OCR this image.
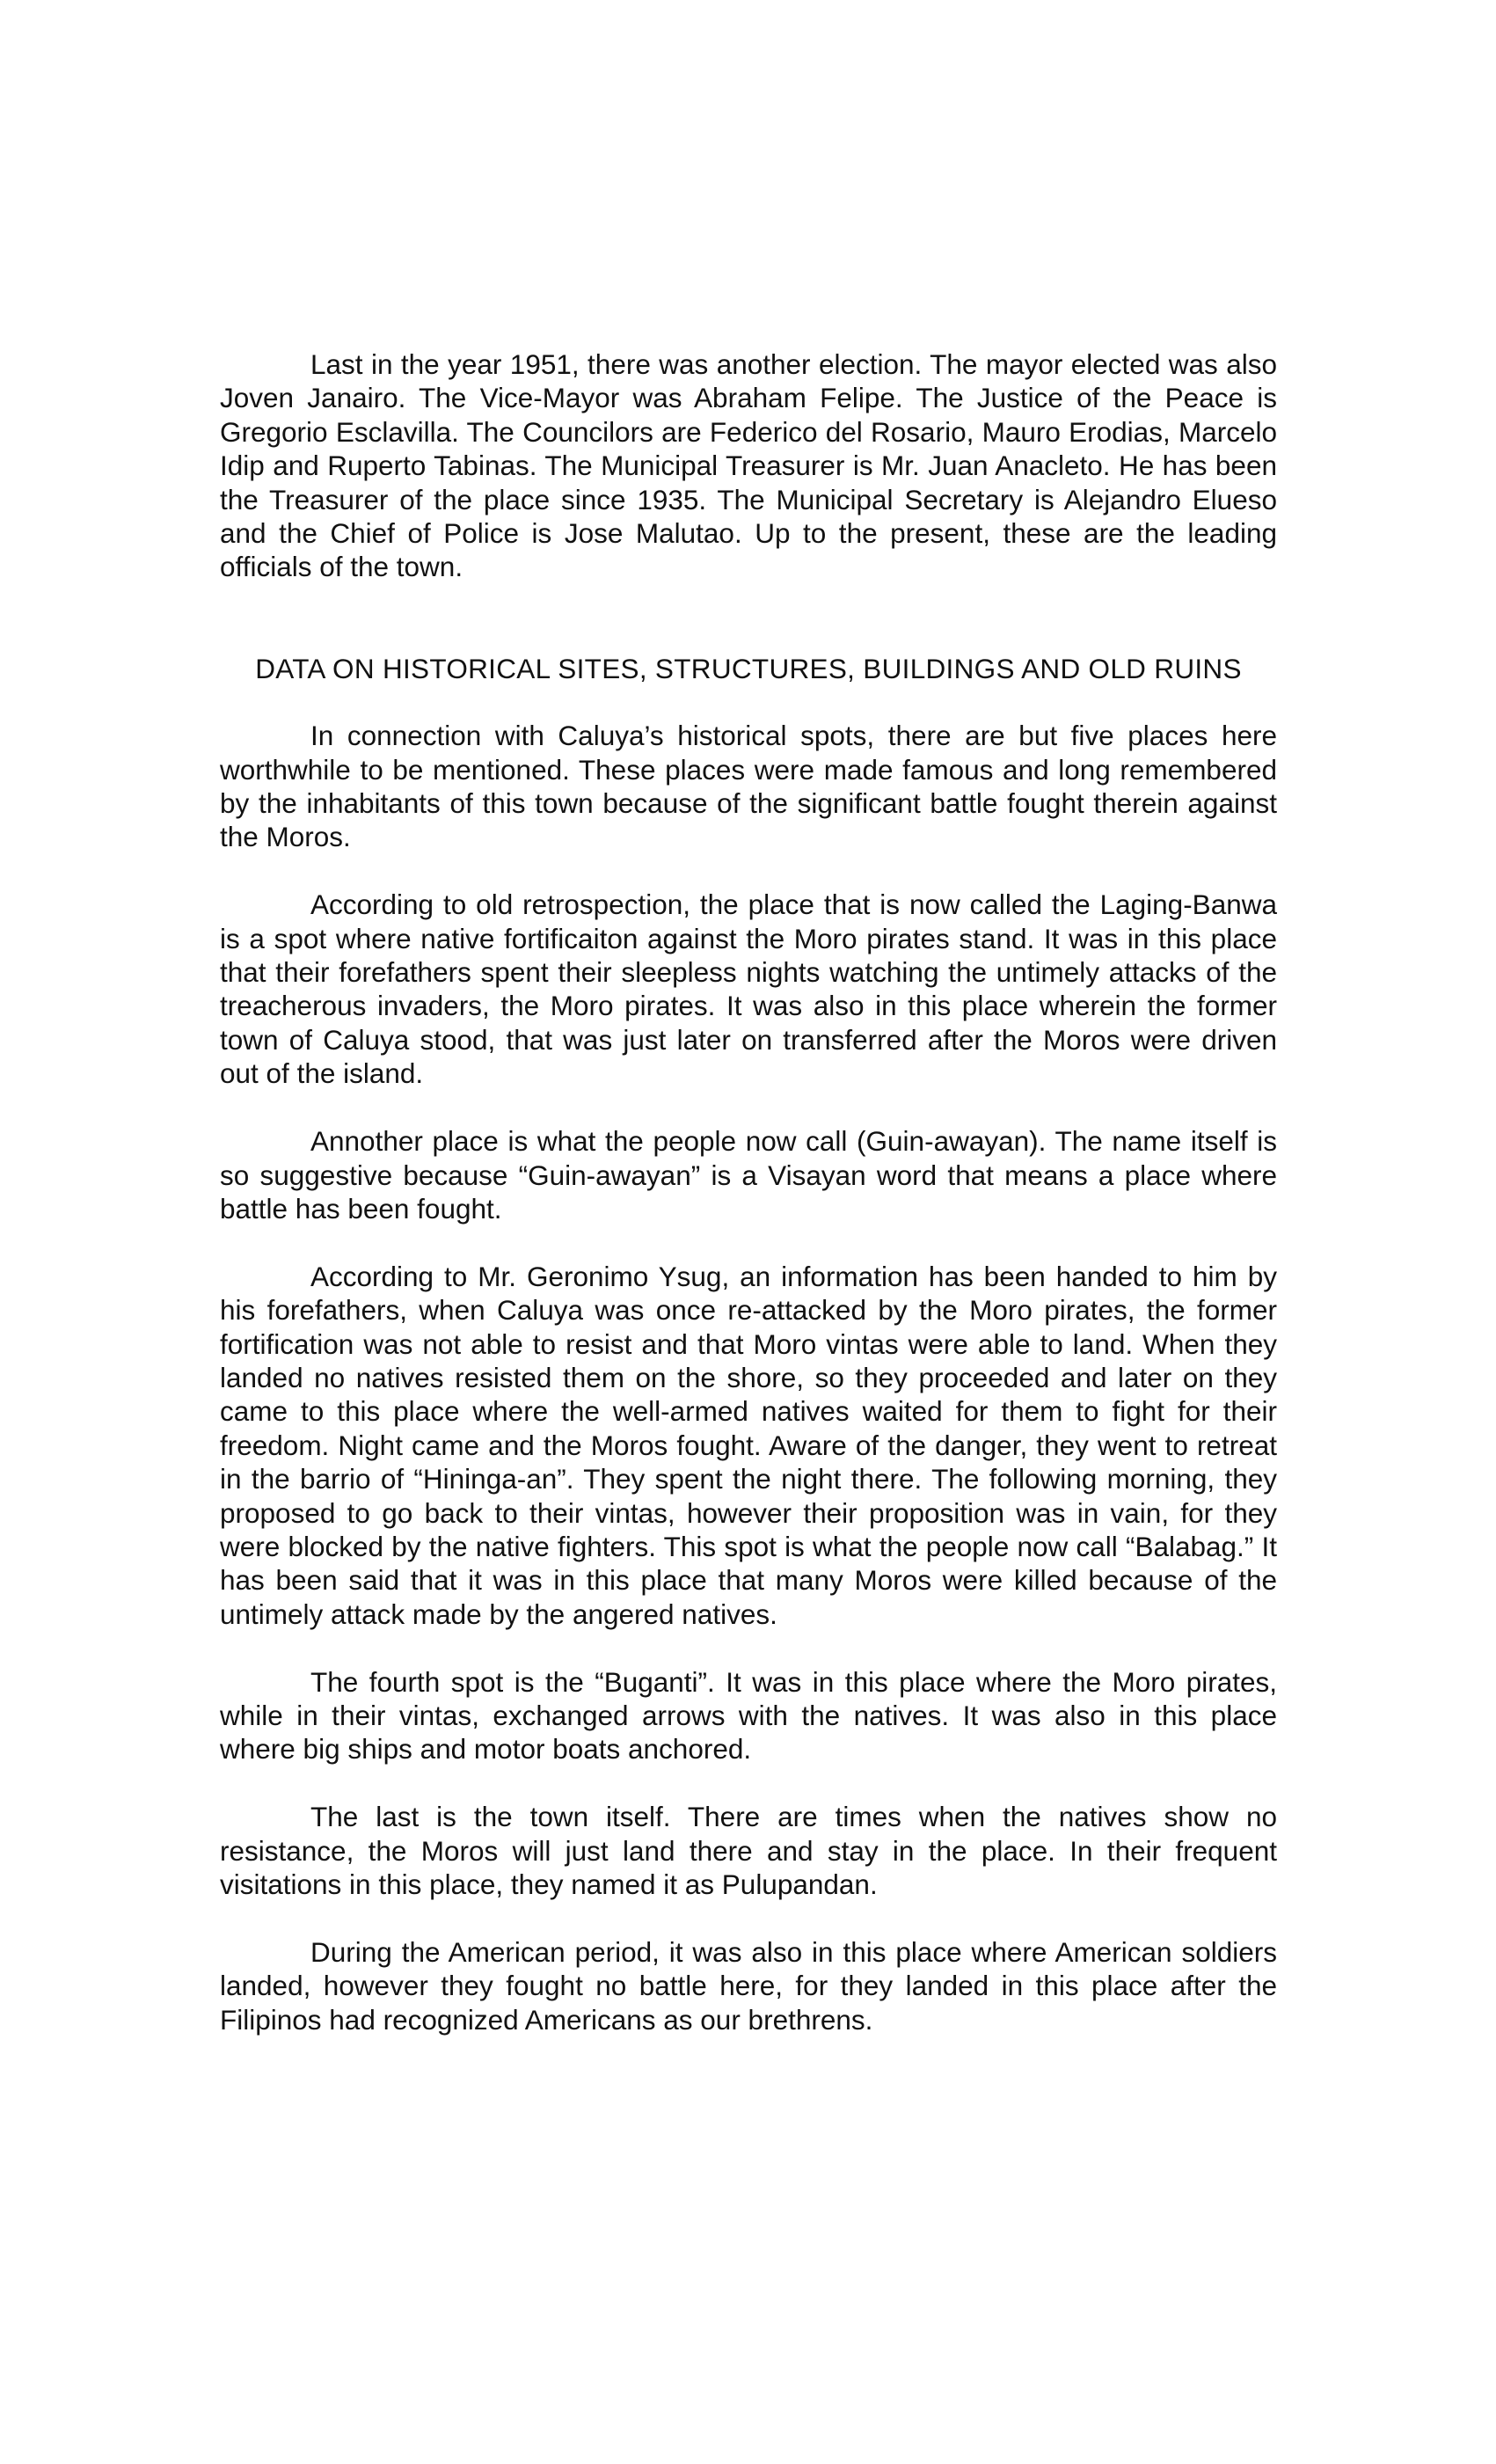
Last in the year 1951, there was another election. The mayor elected was also Joven Janairo. The Vice-Mayor was Abraham Felipe. The Justice of the Peace is Gregorio Esclavilla. The Councilors are Federico del Rosario, Mauro Erodias, Marcelo Idip and Ruperto Tabinas. The Municipal Treasurer is Mr. Juan Anacleto. He has been the Treasurer of the place since 1935. The Municipal Secretary is Alejandro Elueso and the Chief of Police is Jose Malutao. Up to the present, these are the leading officials of the town.

DATA ON HISTORICAL SITES, STRUCTURES, BUILDINGS AND OLD RUINS

In connection with Caluya’s historical spots, there are but five places here worthwhile to be mentioned. These places were made famous and long remembered by the inhabitants of this town because of the significant battle fought therein against the Moros.

According to old retrospection, the place that is now called the Laging-Banwa is a spot where native fortificaiton against the Moro pirates stand. It was in this place that their forefathers spent their sleepless nights watching the untimely attacks of the treacherous invaders, the Moro pirates. It was also in this place wherein the former town of Caluya stood, that was just later on transferred after the Moros were driven out of the island.

Annother place is what the people now call (Guin-awayan). The name itself is so suggestive because “Guin-awayan” is a Visayan word that means a place where battle has been fought.

According to Mr. Geronimo Ysug, an information has been handed to him by his forefathers, when Caluya was once re-attacked by the Moro pirates, the former fortification was not able to resist and that Moro vintas were able to land. When they landed no natives resisted them on the shore, so they proceeded and later on they came to this place where the well-armed natives waited for them to fight for their freedom. Night came and the Moros fought. Aware of the danger, they went to retreat in the barrio of “Hininga-an”. They spent the night there. The following morning, they proposed to go back to their vintas, however their proposition was in vain, for they were blocked by the native fighters. This spot is what the people now call “Balabag.” It has been said that it was in this place that many Moros were killed because of the untimely attack made by the angered natives.

The fourth spot is the “Buganti”. It was in this place where the Moro pirates, while in their vintas, exchanged arrows with the natives. It was also in this place where big ships and motor boats anchored.

The last is the town itself. There are times when the natives show no resistance, the Moros will just land there and stay in the place. In their frequent visitations in this place, they named it as Pulupandan.

During the American period, it was also in this place where American soldiers landed, however they fought no battle here, for they landed in this place after the Filipinos had recognized Americans as our brethrens.
